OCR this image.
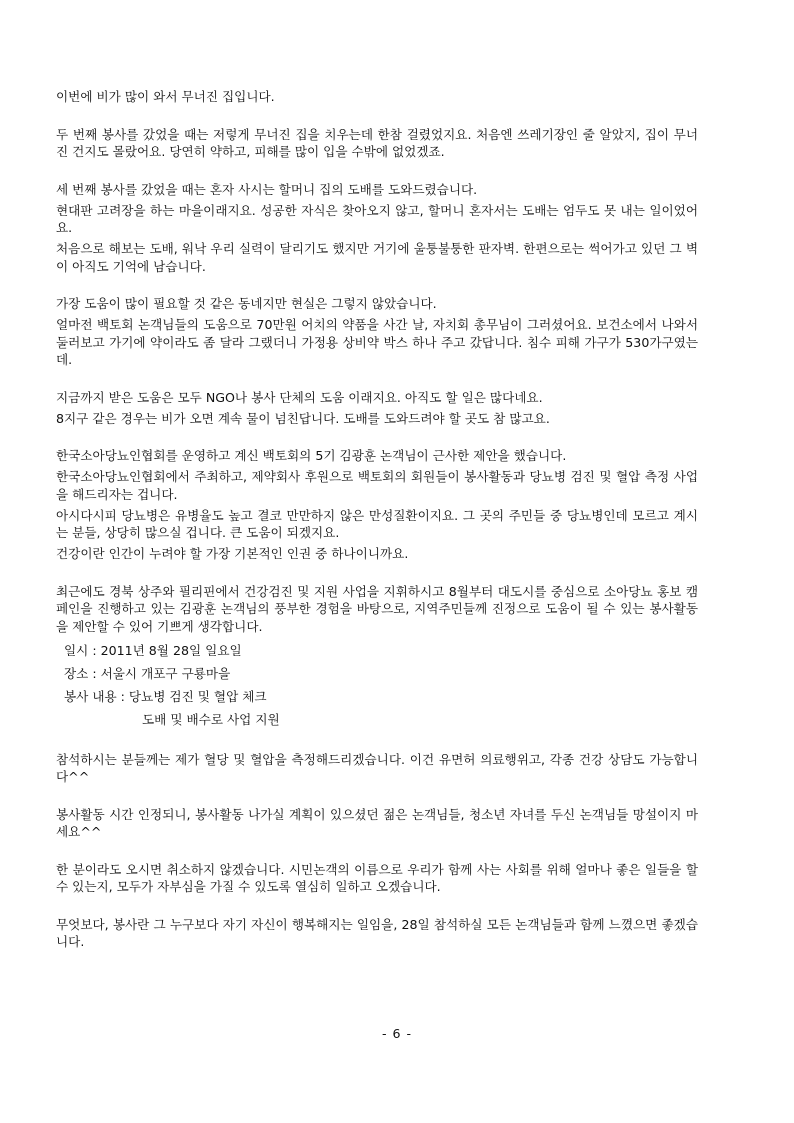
이번에 비가 많이 와서 무너진 집입니다.

두 번째 봉사를 갔었을 때는 저렇게 무너진 집을 치우는데 한참 걸렸었지요. 처음엔 쓰레기장인 줄 알았지, 집이 무너진 건지도 몰랐어요. 당연히 약하고, 피해를 많이 입을 수밖에 없었겠죠.

세 번째 봉사를 갔었을 때는 혼자 사시는 할머니 집의 도배를 도와드렸습니다.

현대판 고려장을 하는 마을이래지요. 성공한 자식은 찾아오지 않고, 할머니 혼자서는 도배는 엄두도 못 내는 일이었어요.

처음으로 해보는 도배, 워낙 우리 실력이 달리기도 했지만 거기에 울퉁불퉁한 판자벽. 한편으로는 썩어가고 있던 그 벽이 아직도 기억에 남습니다.

가장 도움이 많이 필요할 것 같은 동네지만 현실은 그렇지 않았습니다.

얼마전 백토회 논객님들의 도움으로 70만원 어치의 약품을 사간 날, 자치회 총무님이 그러셨어요. 보건소에서 나와서 둘러보고 가기에 약이라도 좀 달라 그랬더니 가정용 상비약 박스 하나 주고 갔답니다. 침수 피해 가구가 530가구였는데.

지금까지 받은 도움은 모두 NGO나 봉사 단체의 도움 이래지요. 아직도 할 일은 많다네요.

8지구 같은 경우는 비가 오면 계속 물이 넘친답니다. 도배를 도와드려야 할 곳도 참 많고요.

한국소아당뇨인협회를 운영하고 계신 백토회의 5기 김광훈 논객님이 근사한 제안을 했습니다.

한국소아당뇨인협회에서 주최하고, 제약회사 후원으로 백토회의 회원들이 봉사활동과 당뇨병 검진 및 혈압 측정 사업을 해드리자는 겁니다.

아시다시피 당뇨병은 유병율도 높고 결코 만만하지 않은 만성질환이지요. 그 곳의 주민들 중 당뇨병인데 모르고 계시는 분들, 상당히 많으실 겁니다. 큰 도움이 되겠지요.

건강이란 인간이 누려야 할 가장 기본적인 인권 중 하나이니까요.

최근에도 경북 상주와 필리핀에서 건강검진 및 지원 사업을 지휘하시고 8월부터 대도시를 중심으로 소아당뇨 홍보 캠페인을 진행하고 있는 김광훈 논객님의 풍부한 경험을 바탕으로, 지역주민들께 진정으로 도움이 될 수 있는 봉사활동을 제안할 수 있어 기쁘게 생각합니다.

일시 : 2011년 8월 28일 일요일
장소 : 서울시 개포구 구룡마을
봉사 내용 : 당뇨병 검진 및 혈압 체크
도배 및 배수로 사업 지원

참석하시는 분들께는 제가 혈당 및 혈압을 측정해드리겠습니다. 이건 유면허 의료행위고, 각종 건강 상담도 가능합니다^^

봉사활동 시간 인정되니, 봉사활동 나가실 계획이 있으셨던 젊은 논객님들, 청소년 자녀를 두신 논객님들 망설이지 마세요^^

한 분이라도 오시면 취소하지 않겠습니다. 시민논객의 이름으로 우리가 함께 사는 사회를 위해 얼마나 좋은 일들을 할 수 있는지, 모두가 자부심을 가질 수 있도록 열심히 일하고 오겠습니다.

무엇보다, 봉사란 그 누구보다 자기 자신이 행복해지는 일임을, 28일 참석하실 모든 논객님들과 함께 느꼈으면 좋겠습니다.

- 6 -
